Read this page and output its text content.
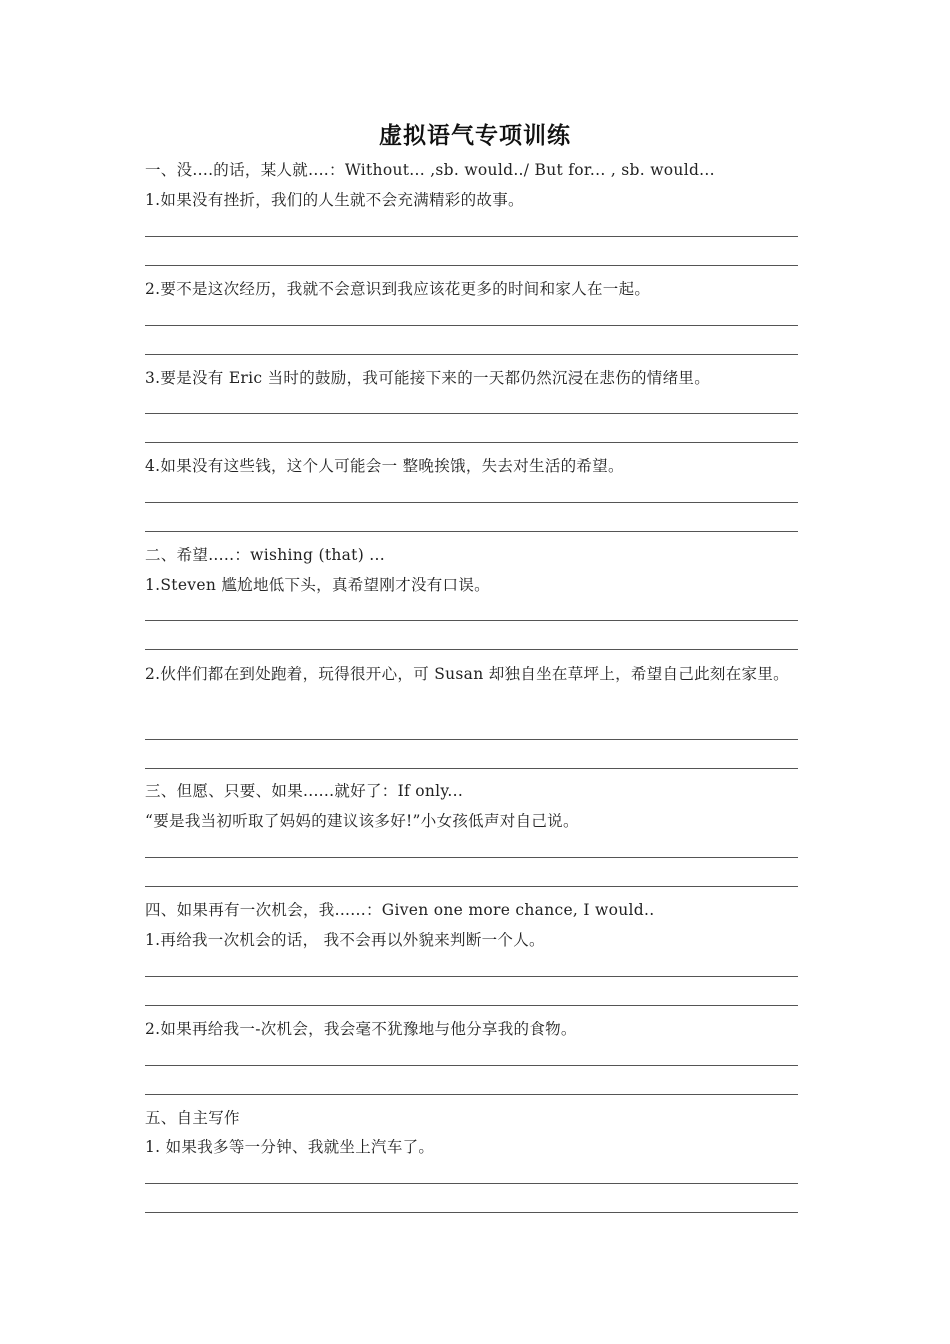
虚拟语气专项训练
一、没....的话，某人就....：Without... ,sb. would../ But for... , sb. would...
1.如果没有挫折，我们的人生就不会充满精彩的故事。
2.要不是这次经历，我就不会意识到我应该花更多的时间和家人在一起。
3.要是没有 Eric 当时的鼓励，我可能接下来的一天都仍然沉浸在悲伤的情绪里。
4.如果没有这些钱，这个人可能会一 整晚挨饿，失去对生活的希望。
二、希望.....：wishing (that) ...
1.Steven 尴尬地低下头，真希望刚才没有口误。
2.伙伴们都在到处跑着，玩得很开心，可 Susan 却独自坐在草坪上，希望自己此刻在家里。
三、但愿、只要、如果......就好了：If only...
“要是我当初听取了妈妈的建议该多好!”小女孩低声对自己说。
四、如果再有一次机会，我......：Given one more chance, I would..
1.再给我一次机会的话， 我不会再以外貌来判断一个人。
2.如果再给我一-次机会，我会毫不犹豫地与他分享我的食物。
五、自主写作
1. 如果我多等一分钟、我就坐上汽车了。
